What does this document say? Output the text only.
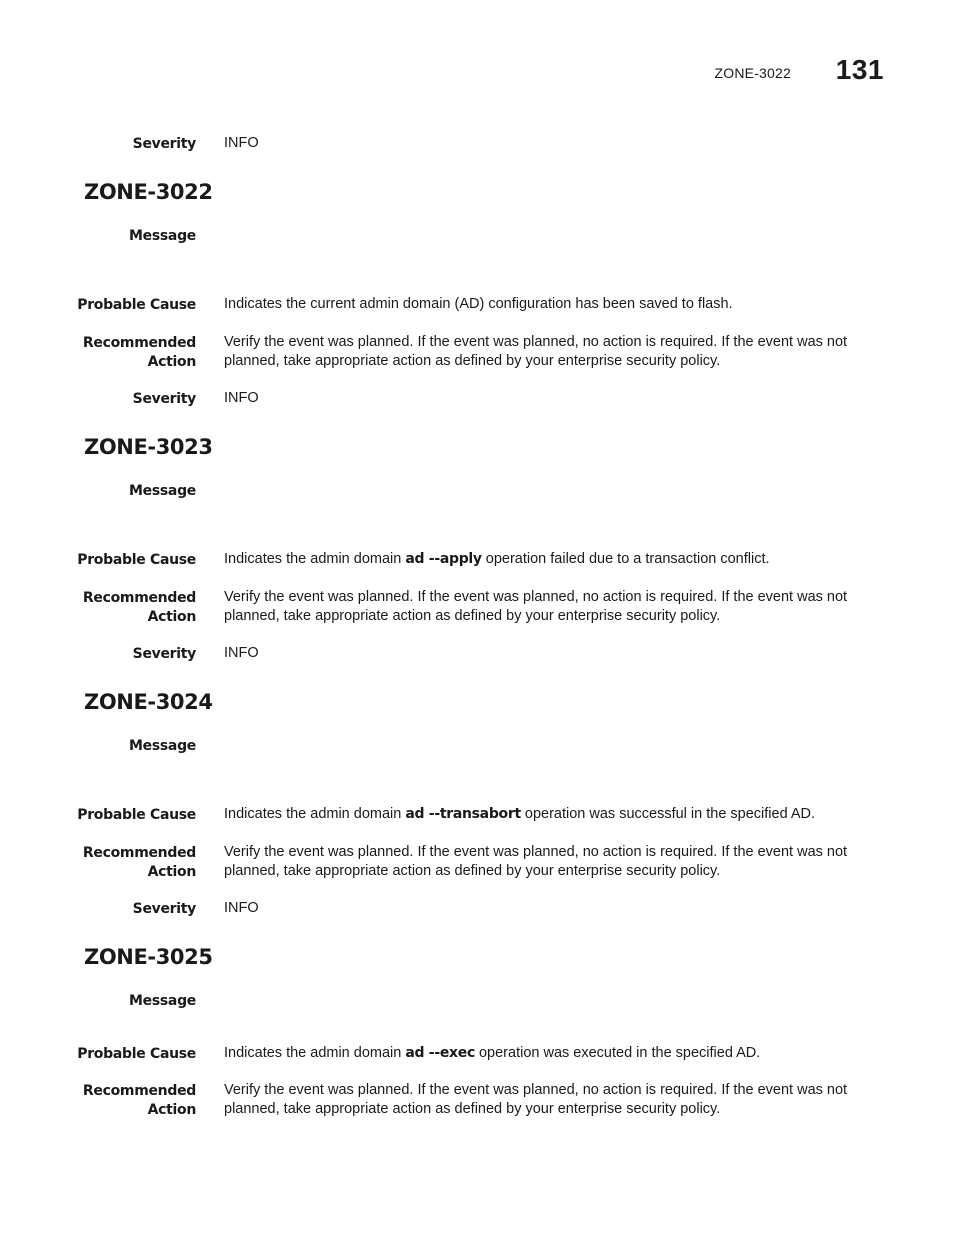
ZONE-3022 131
Severity INFO
ZONE-3022
Message
Probable Cause Indicates the current admin domain (AD) configuration has been saved to flash.
Recommended
Action
Verify the event was planned. If the event was planned, no action is required. If the event was not planned, take appropriate action as defined by your enterprise security policy.
Severity INFO
ZONE-3023
Message
Probable Cause Indicates the admin domain ad --apply operation failed due to a transaction conflict.
Recommended
Action
Verify the event was planned. If the event was planned, no action is required. If the event was not planned, take appropriate action as defined by your enterprise security policy.
Severity INFO
ZONE-3024
Message
Probable Cause Indicates the admin domain ad --transabort operation was successful in the specified AD.
Recommended
Action
Verify the event was planned. If the event was planned, no action is required. If the event was not planned, take appropriate action as defined by your enterprise security policy.
Severity INFO
ZONE-3025
Message
Probable Cause Indicates the admin domain ad --exec operation was executed in the specified AD.
Recommended
Action
Verify the event was planned. If the event was planned, no action is required. If the event was not planned, take appropriate action as defined by your enterprise security policy.
